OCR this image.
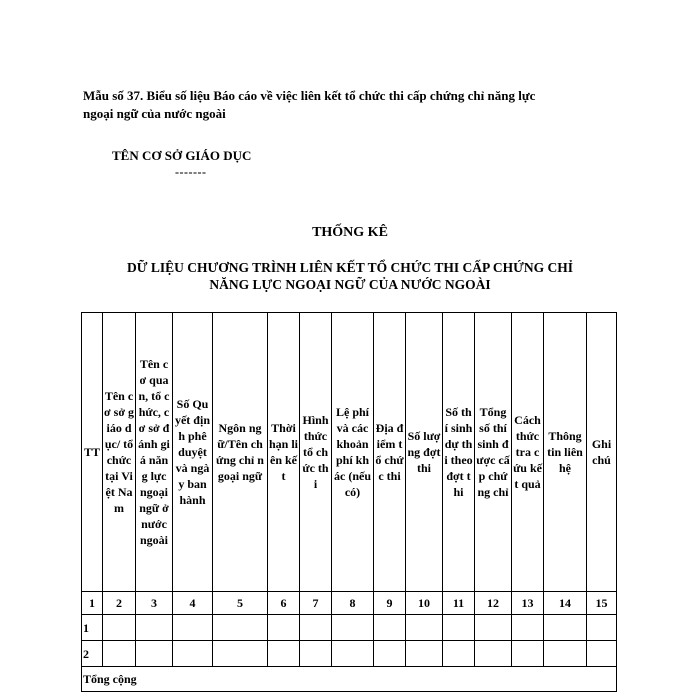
Mẫu số 37. Biểu số liệu Báo cáo về việc liên kết tổ chức thi cấp chứng chỉ năng lực
ngoại ngữ của nước ngoài
TÊN CƠ SỞ GIÁO DỤC
-------
THỐNG KÊ
DỮ LIỆU CHƯƠNG TRÌNH LIÊN KẾT TỔ CHỨC THI CẤP CHỨNG CHỈ
NĂNG LỰC NGOẠI NGỮ CỦA NƯỚC NGOÀI
TT	Tên cơ sở giáo dục/ tổ chức tại Việt Nam	Tên cơ quan, tổ chức, cơ sở đánh giá năng lực ngoại ngữ ở nước ngoài	Số Quyết định phê duyệt và ngày ban hành	Ngôn ngữ/Tên chứng chỉ ngoại ngữ	Thời hạn liên kết	Hình thức tổ chức thi	Lệ phí và các khoản phí khác (nếu có)	Địa điểm tổ chức thi	Số lượng đợt thi	Số thí sinh dự thi theo đợt thi	Tổng số thí sinh được cấp chứng chỉ	Cách thức tra cứu kết quả	Thông tin liên hệ	Ghi chú

1	2	3	4	5	6	7	8	9	10	11	12	13	14	15
1														
2														
Tổng cộng														
